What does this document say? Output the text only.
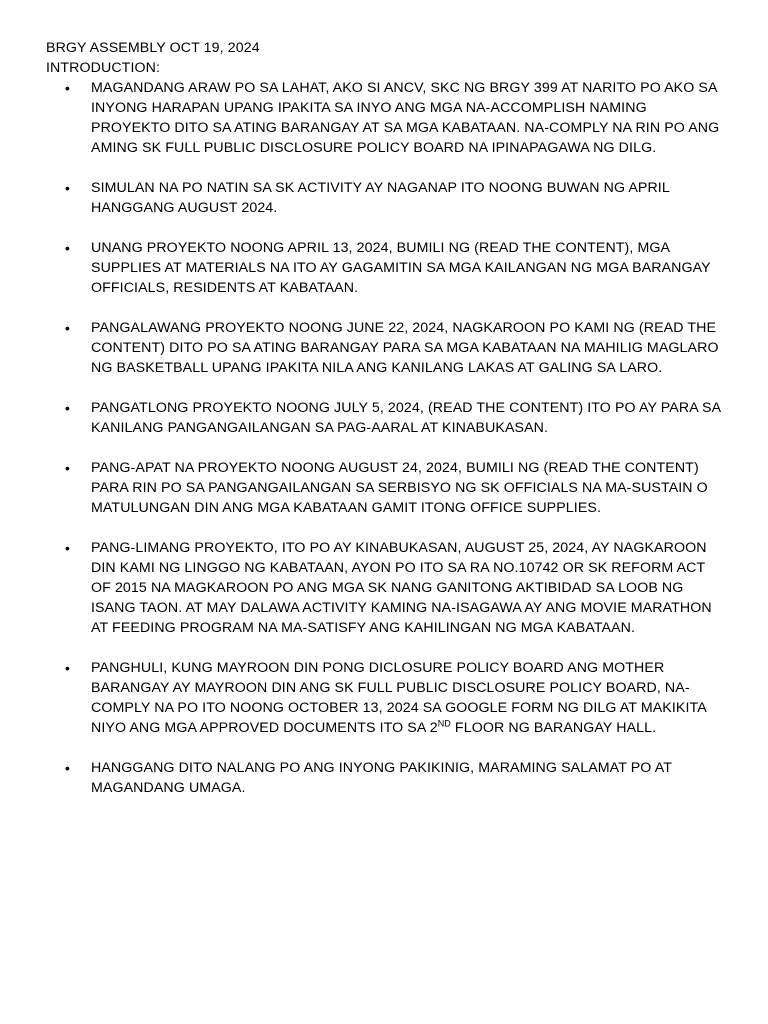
BRGY ASSEMBLY OCT 19, 2024

INTRODUCTION:

• MAGANDANG ARAW PO SA LAHAT, AKO SI ANCV, SKC NG BRGY 399 AT NARITO PO AKO SA INYONG HARAPAN UPANG IPAKITA SA INYO ANG MGA NA-ACCOMPLISH NAMING PROYEKTO DITO SA ATING BARANGAY AT SA MGA KABATAAN. NA-COMPLY NA RIN PO ANG AMING SK FULL PUBLIC DISCLOSURE POLICY BOARD NA IPINAPAGAWA NG DILG.
• SIMULAN NA PO NATIN SA SK ACTIVITY AY NAGANAP ITO NOONG BUWAN NG APRIL HANGGANG AUGUST 2024.
• UNANG PROYEKTO NOONG APRIL 13, 2024, BUMILI NG (READ THE CONTENT), MGA SUPPLIES AT MATERIALS NA ITO AY GAGAMITIN SA MGA KAILANGAN NG MGA BARANGAY OFFICIALS, RESIDENTS AT KABATAAN.
• PANGALAWANG PROYEKTO NOONG JUNE 22, 2024, NAGKAROON PO KAMI NG (READ THE CONTENT) DITO PO SA ATING BARANGAY PARA SA MGA KABATAAN NA MAHILIG MAGLARO NG BASKETBALL UPANG IPAKITA NILA ANG KANILANG LAKAS AT GALING SA LARO.
• PANGATLONG PROYEKTO NOONG JULY 5, 2024, (READ THE CONTENT) ITO PO AY PARA SA KANILANG PANGANGAILANGAN SA PAG-AARAL AT KINABUKASAN.
• PANG-APAT NA PROYEKTO NOONG AUGUST 24, 2024, BUMILI NG (READ THE CONTENT) PARA RIN PO SA PANGANGAILANGAN SA SERBISYO NG SK OFFICIALS NA MA-SUSTAIN O MATULUNGAN DIN ANG MGA KABATAAN GAMIT ITONG OFFICE SUPPLIES.
• PANG-LIMANG PROYEKTO, ITO PO AY KINABUKASAN, AUGUST 25, 2024, AY NAGKAROON DIN KAMI NG LINGGO NG KABATAAN, AYON PO ITO SA RA NO.10742 OR SK REFORM ACT OF 2015 NA MAGKAROON PO ANG MGA SK NANG GANITONG AKTIBIDAD SA LOOB NG ISANG TAON. AT MAY DALAWA ACTIVITY KAMING NA-ISAGAWA AY ANG MOVIE MARATHON AT FEEDING PROGRAM NA MA-SATISFY ANG KAHILINGAN NG MGA KABATAAN.
• PANGHULI, KUNG MAYROON DIN PONG DICLOSURE POLICY BOARD ANG MOTHER BARANGAY AY MAYROON DIN ANG SK FULL PUBLIC DISCLOSURE POLICY BOARD, NA-COMPLY NA PO ITO NOONG OCTOBER 13, 2024 SA GOOGLE FORM NG DILG AT MAKIKITA NIYO ANG MGA APPROVED DOCUMENTS ITO SA 2ND FLOOR NG BARANGAY HALL.
• HANGGANG DITO NALANG PO ANG INYONG PAKIKINIG, MARAMING SALAMAT PO AT MAGANDANG UMAGA.
